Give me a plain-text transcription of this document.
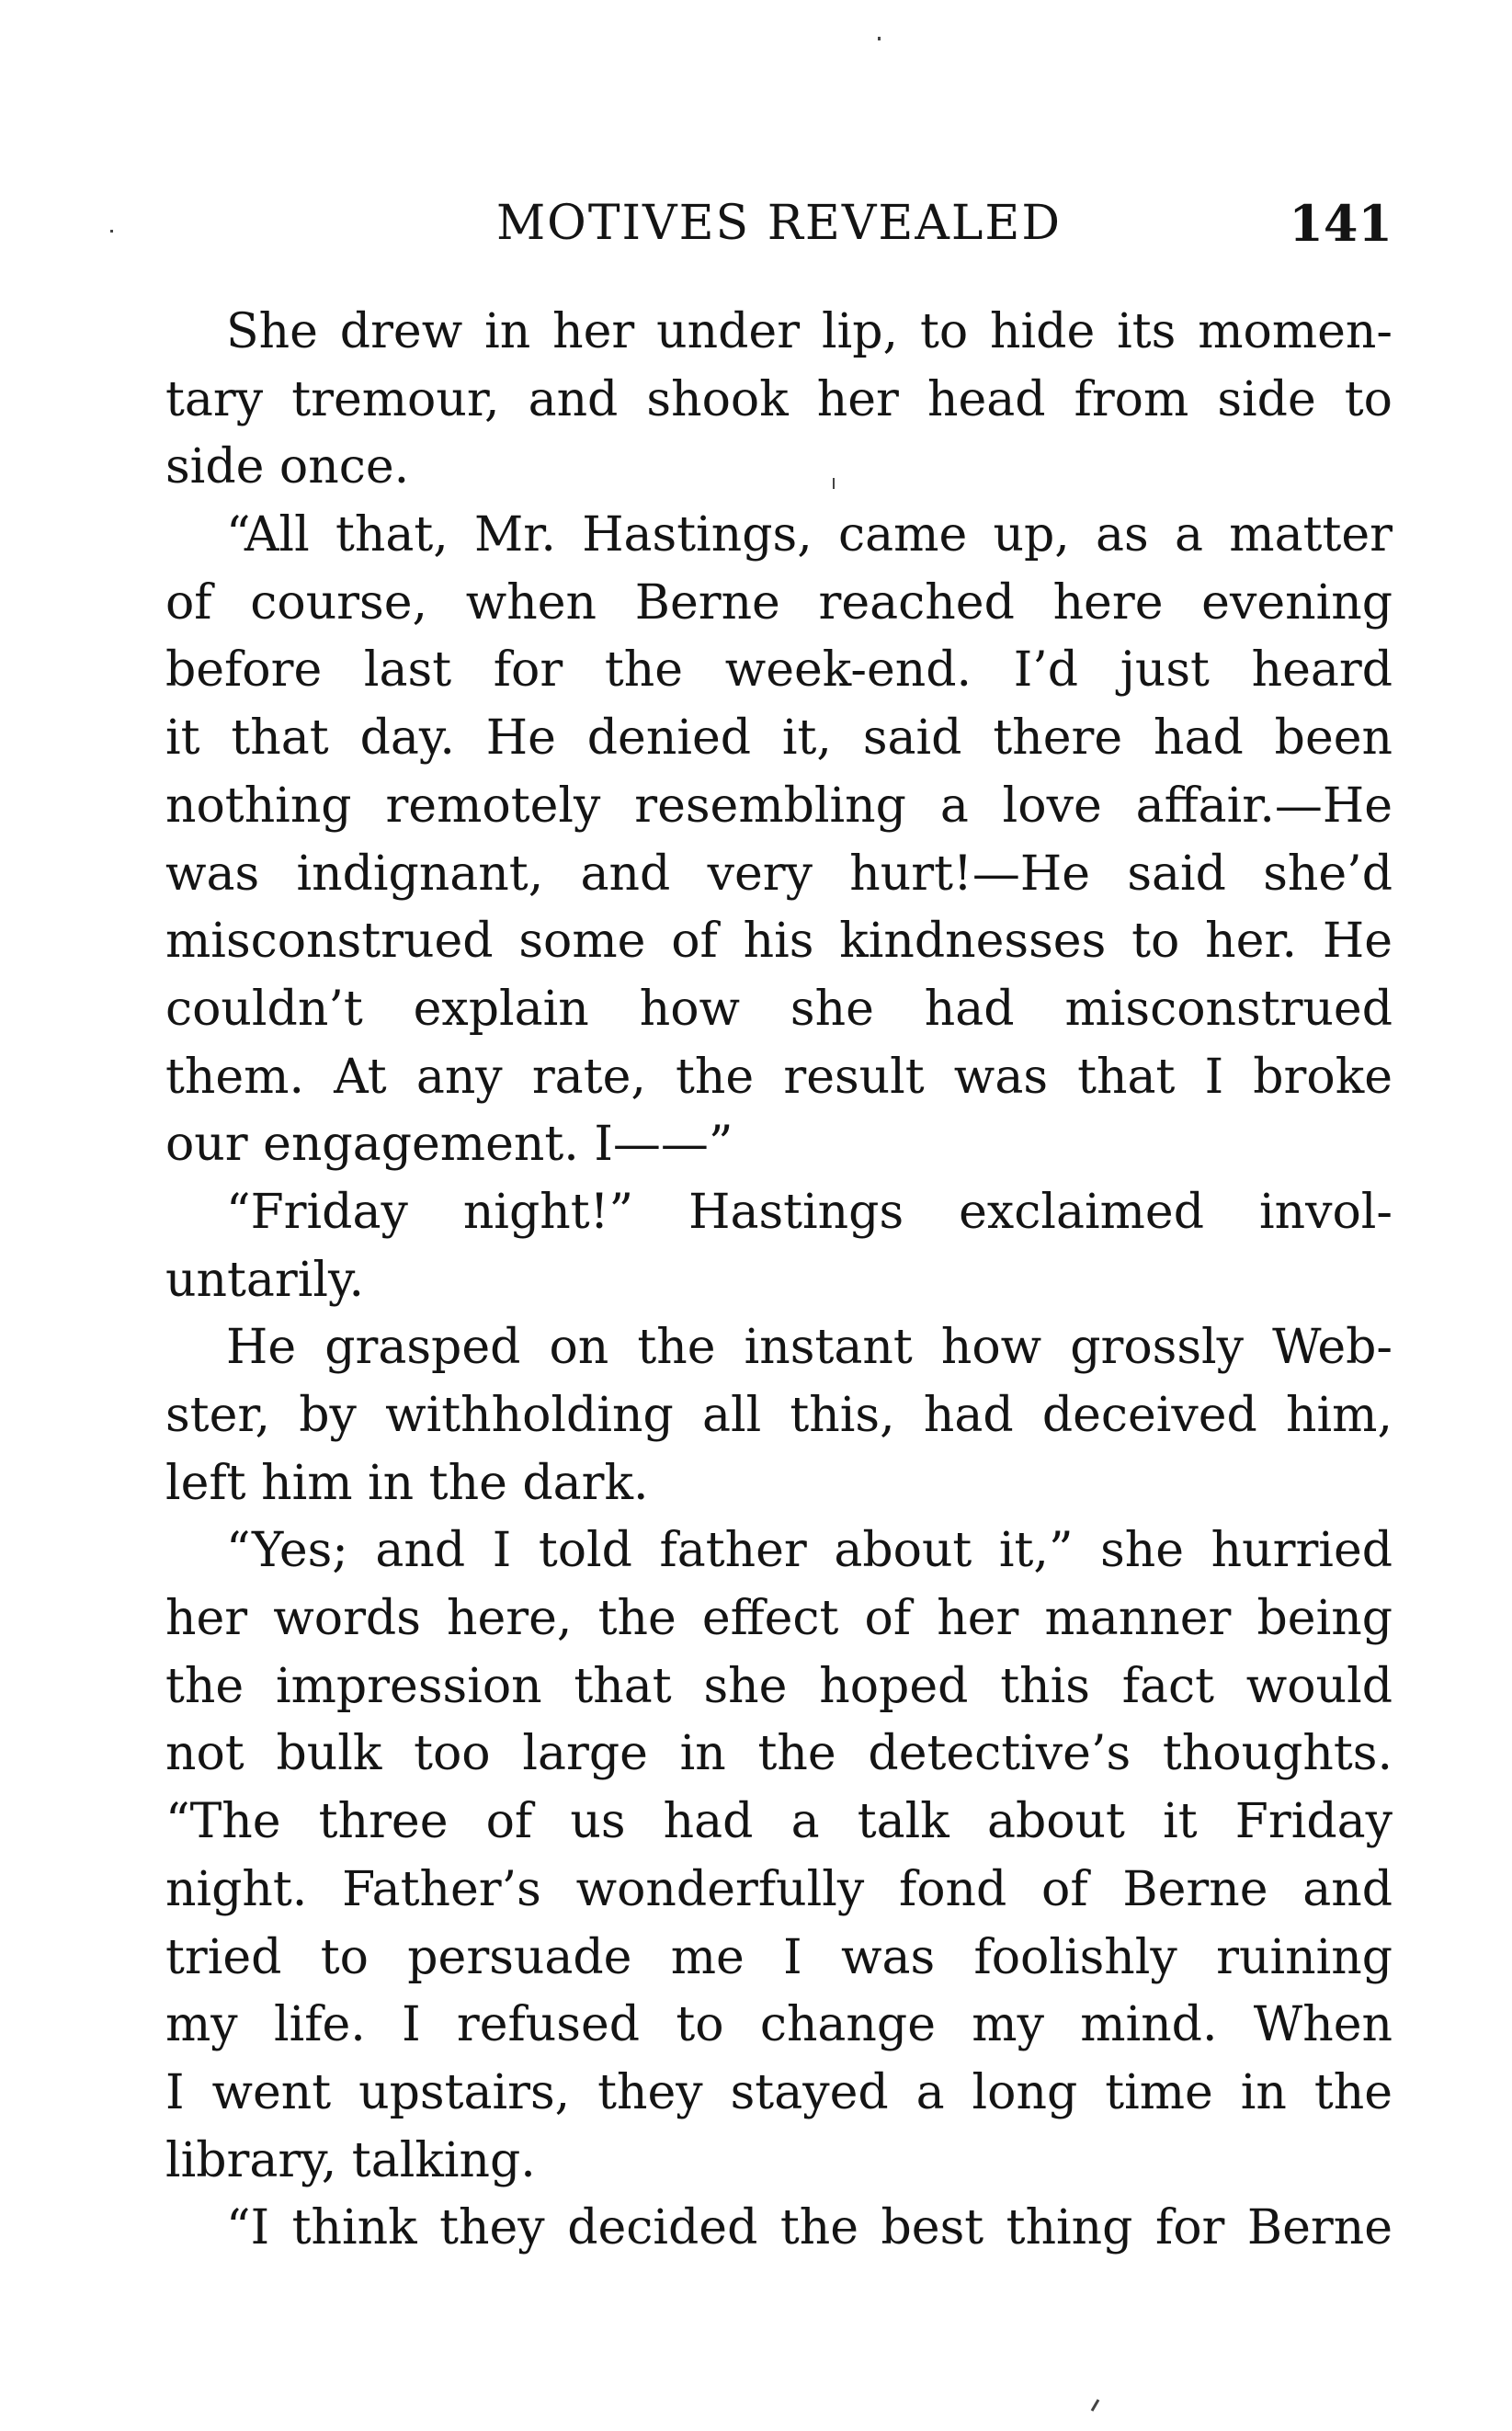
MOTIVES REVEALED	141
She drew in her under lip, to hide its momen-
tary tremour, and shook her head from side to
side once.
“All that, Mr. Hastings, came up, as a matter
of course, when Berne reached here evening
before last for the week-end. I’d just heard
it that day. He denied it, said there had been
nothing remotely resembling a love affair.—He
was indignant, and very hurt!—He said she’d
misconstrued some of his kindnesses to her. He
couldn’t explain how she had misconstrued
them. At any rate, the result was that I broke
our engagement. I——”
“Friday night!” Hastings exclaimed invol-
untarily.
He grasped on the instant how grossly Web-
ster, by withholding all this, had deceived him,
left him in the dark.
“Yes; and I told father about it,” she hurried
her words here, the effect of her manner being
the impression that she hoped this fact would
not bulk too large in the detective’s thoughts.
“The three of us had a talk about it Friday
night. Father’s wonderfully fond of Berne and
tried to persuade me I was foolishly ruining
my life. I refused to change my mind. When
I went upstairs, they stayed a long time in the
library, talking.
“I think they decided the best thing for Berne
